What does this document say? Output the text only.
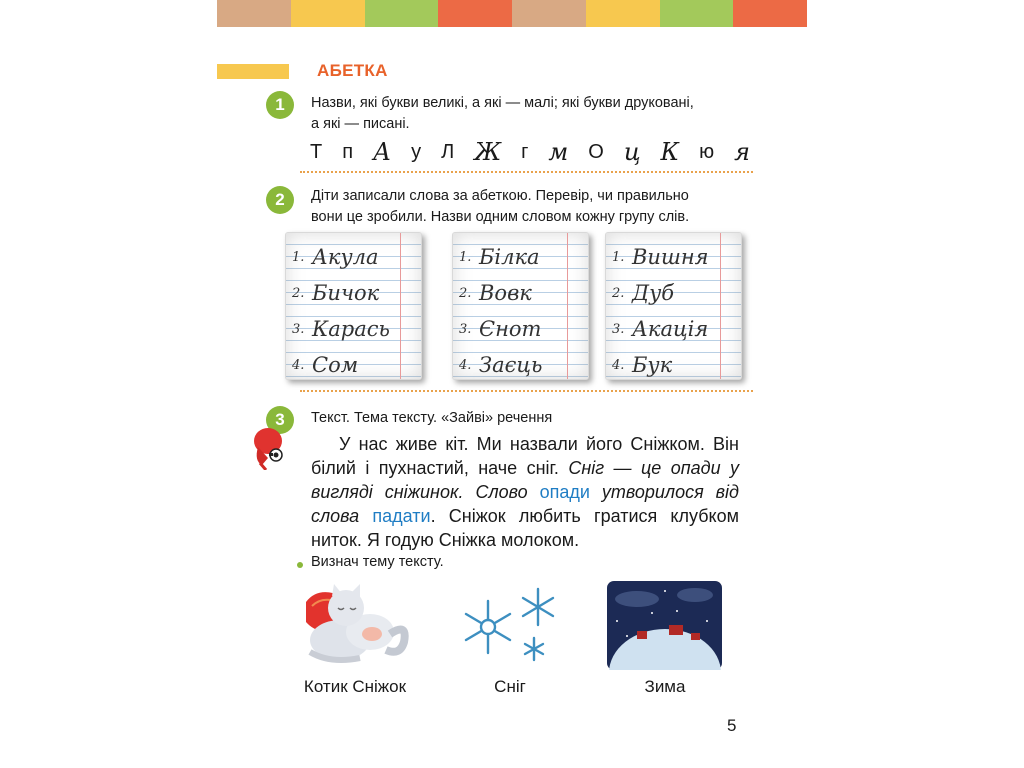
АБЕТКА
1	Назви, які букви великі, а які — малі; які букви друковані,
а які — писані.
Т п А у Л Ж г м О ц К ю я
2	Діти записали слова за абеткою. Перевір, чи правильно
вони це зробили. Назви одним словом кожну групу слів.
1. Акула
2. Бичок
3. Карась
4. Сом
1. Білка
2. Вовк
3. Єнот
4. Заєць
1. Вишня
2. Дуб
3. Акація
4. Бук
3	Текст. Тема тексту. «Зайві» речення
У нас живе кіт. Ми назвали його Сніжком. Він білий і пухнастий, наче сніг. Сніг — це опади у вигляді сніжинок. Слово опади утворилося від слова падати. Сніжок любить гратися клубком ниток. Я годую Сніжка молоком.
Визнач тему тексту.
Котик Сніжок	Сніг	Зима
5
